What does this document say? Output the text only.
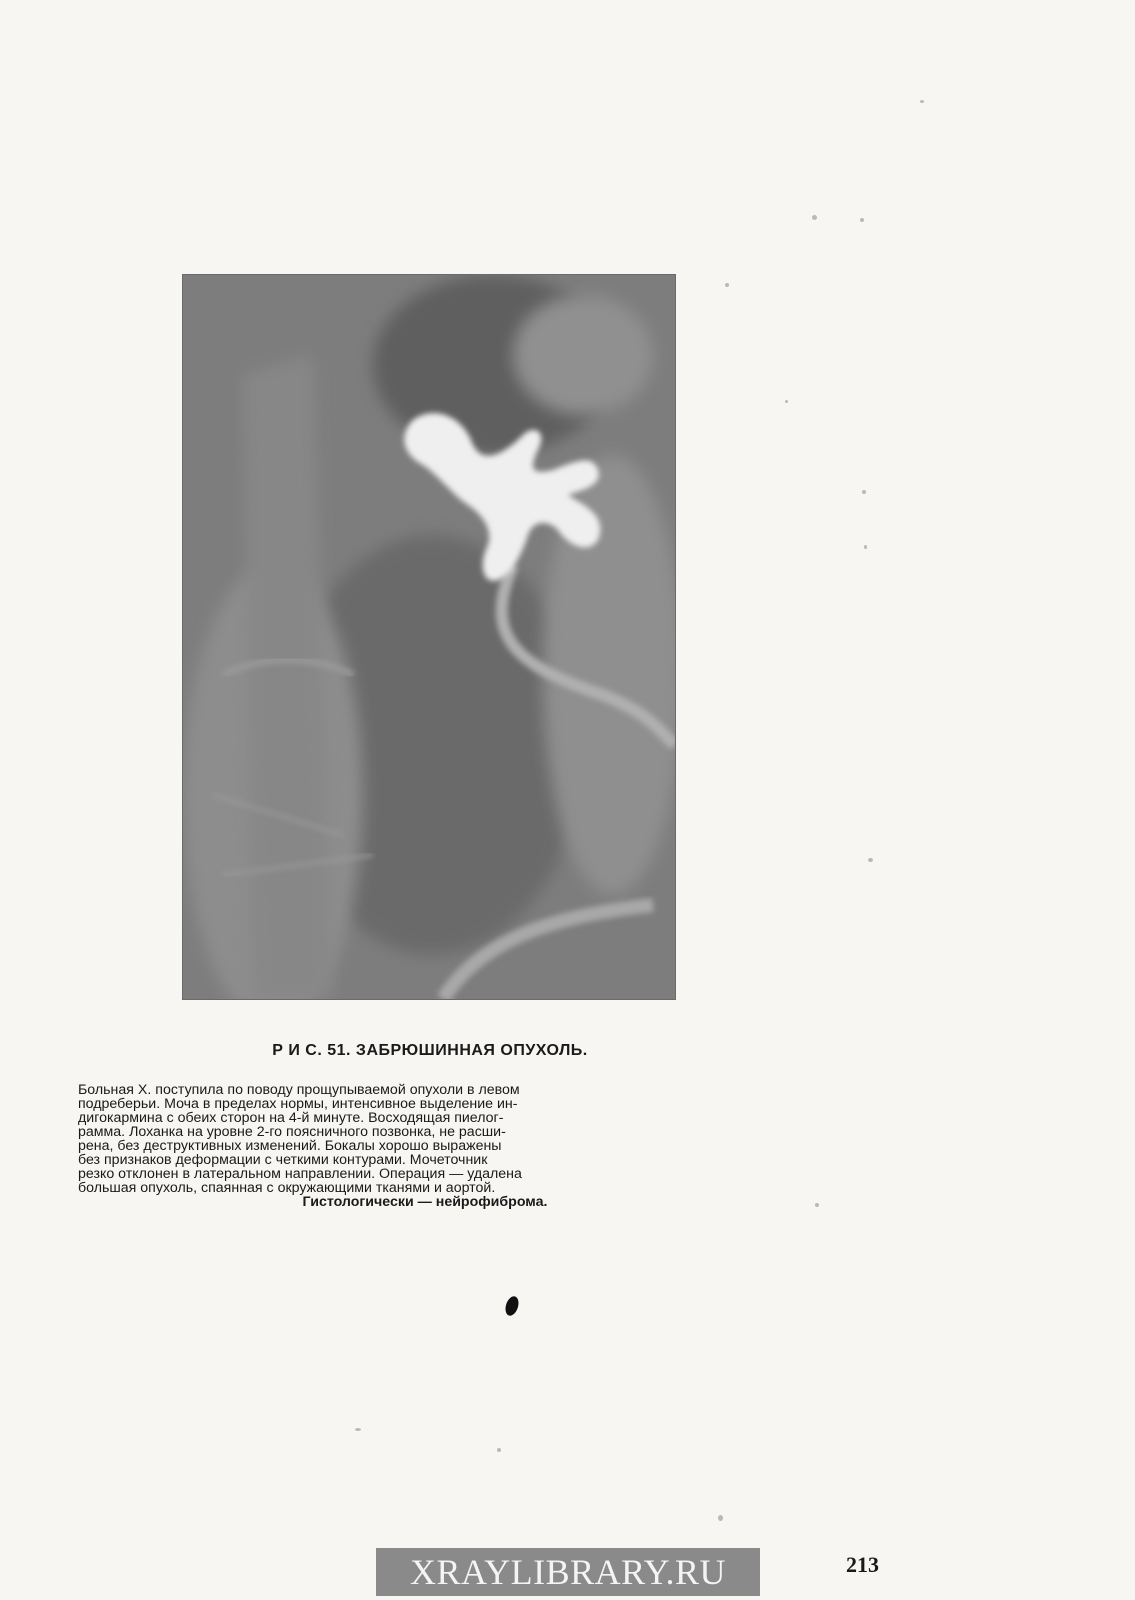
Р И С. 51. ЗАБРЮШИННАЯ ОПУХОЛЬ.

Больная Х. поступила по поводу прощупываемой опухоли в левом

подреберьи. Моча в пределах нормы, интенсивное выделение ин-

дигокармина с обеих сторон на 4-й минуте. Восходящая пиелог-

рамма. Лоханка на уровне 2-го поясничного позвонка, не расши-

рена, без деструктивных изменений. Бокалы хорошо выражены

без признаков деформации с четкими контурами. Мочеточник

резко отклонен в латеральном направлении. Операция — удалена

большая опухоль, спаянная с окружающими тканями и аортой.

Гистологически — нейрофиброма.

XRAYLIBRARY.RU	213
